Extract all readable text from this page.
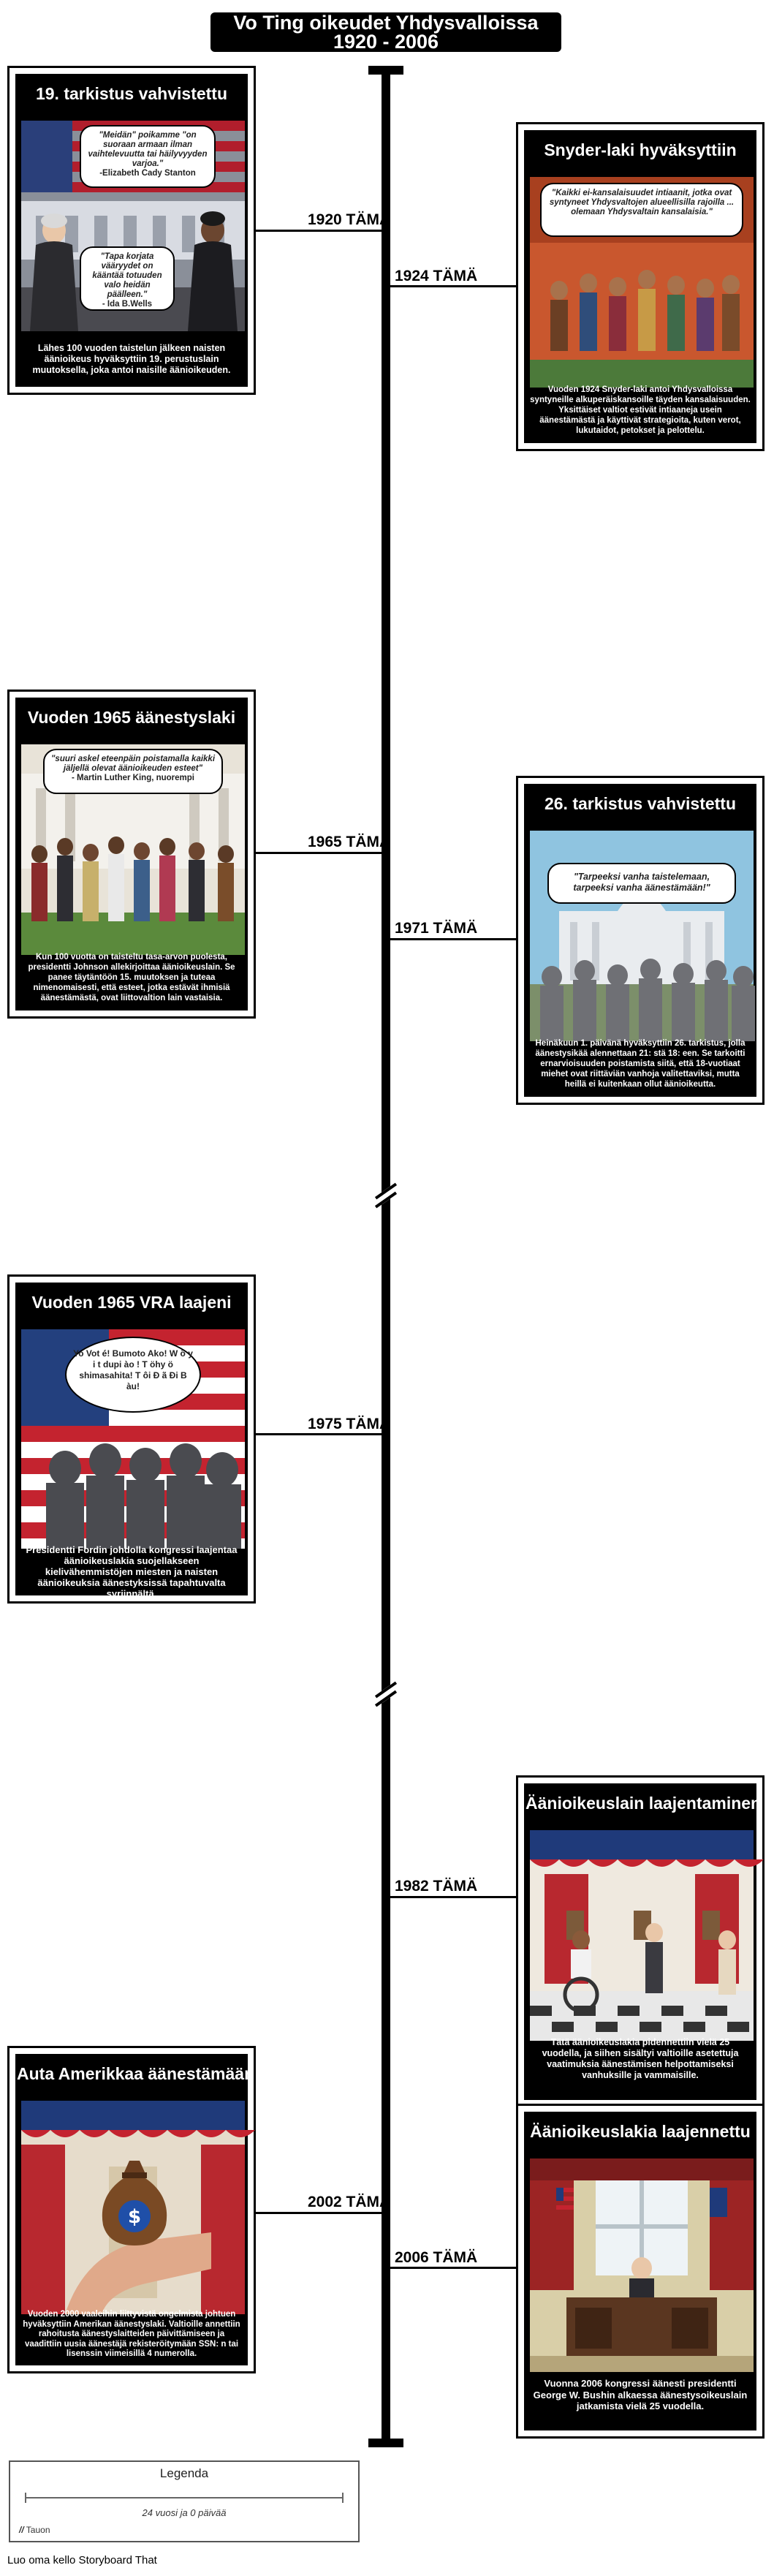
Vo Ting oikeudet Yhdysvalloissa 1920 - 2006
1920 TÄMÄ
1924 TÄMÄ
1965 TÄMÄ
1971 TÄMÄ
1975 TÄMÄ
1982 TÄMÄ
2002 TÄMÄ
2006 TÄMÄ
19. tarkistus vahvistettu
"Meidän" poikamme "on suoraan armaan ilman vaihtelevuutta tai häilyvyyden varjoa."
-Elizabeth Cady Stanton
"Tapa korjata vääryydet on kääntää totuuden valo heidän päälleen."
- Ida B.Wells
Lähes 100 vuoden taistelun jälkeen naisten äänioikeus hyväksyttiin 19. perustuslain muutoksella, joka antoi naisille äänioikeuden.
Snyder-laki hyväksyttiin
"Kaikki ei-kansalaisuudet intiaanit, jotka ovat syntyneet Yhdysvaltojen alueellisilla rajoilla ... olemaan Yhdysvaltain kansalaisia."
Vuoden 1924 Snyder-laki antoi Yhdysvalloissa syntyneille alkuperäiskansoille täyden kansalaisuuden. Yksittäiset valtiot estivät intiaaneja usein äänestämästä ja käyttivät strategioita, kuten verot, lukutaidot, petokset ja pelottelu.
Vuoden 1965 äänestyslaki
"suuri askel eteenpäin poistamalla kaikki jäljellä olevat äänioikeuden esteet"
- Martin Luther King, nuorempi
Kun 100 vuotta on taisteltu tasa-arvon puolesta, presidentti Johnson allekirjoittaa äänioikeuslain. Se panee täytäntöön 15. muutoksen ja tuteaa nimenomaisesti, että esteet, jotka estävät ihmisiä äänestämästä, ovat liittovaltion lain vastaisia.
26. tarkistus vahvistettu
"Tarpeeksi vanha taistelemaan, tarpeeksi vanha äänestämään!"
Heinäkuun 1. päivänä hyväksyttiin 26. tarkistus, jolla äänestysikää alennettaan 21: stä 18: een. Se tarkoitti ernarvioisuuden poistamista siitä, että 18-vuotiaat miehet ovat riittäviän vanhoja valitettaviksi, mutta heillä ei kuitenkaan ollut äänioikeutta.
Vuoden 1965 VRA laajeni
Yo Vot é! Bumoto Ako! W ö y i t dupi ào ! T öhy ö shimasahita! T ôi Đ ã Đi B àu!
Presidentti Fordin johdolla kongressi laajentaa äänioikeuslakia suojellakseen kielivähemmistöjen miesten ja naisten äänioikeuksia äänestyksissä tapahtuvalta syrjinnältä.
Äänioikeuslain laajentaminen
Tätä äänioikeuslakia pidennettiin vielä 25 vuodella, ja siihen sisältyi valtioille asetettuja vaatimuksia äänestämisen helpottamiseksi vanhuksille ja vammaisille.
Auta Amerikkaa äänestämään
$
Vuoden 2000 vaaleihin liittyvistä ongelmista johtuen hyväksyttiin Amerikan äänestyslaki. Valtioille annettiin rahoitusta äänestyslaitteiden päivittämiseen ja vaadittiin uusia äänestäjä rekisteröitymään SSN: n tai lisenssin viimeisillä 4 numerolla.
Äänioikeuslakia laajennettu
Vuonna 2006 kongressi äänesti presidentti George W. Bushin alkaessa äänestysoikeuslain jatkamista vielä 25 vuodella.
Legenda
24 vuosi ja 0 päivää
// Tauon
Luo oma kello Storyboard That
